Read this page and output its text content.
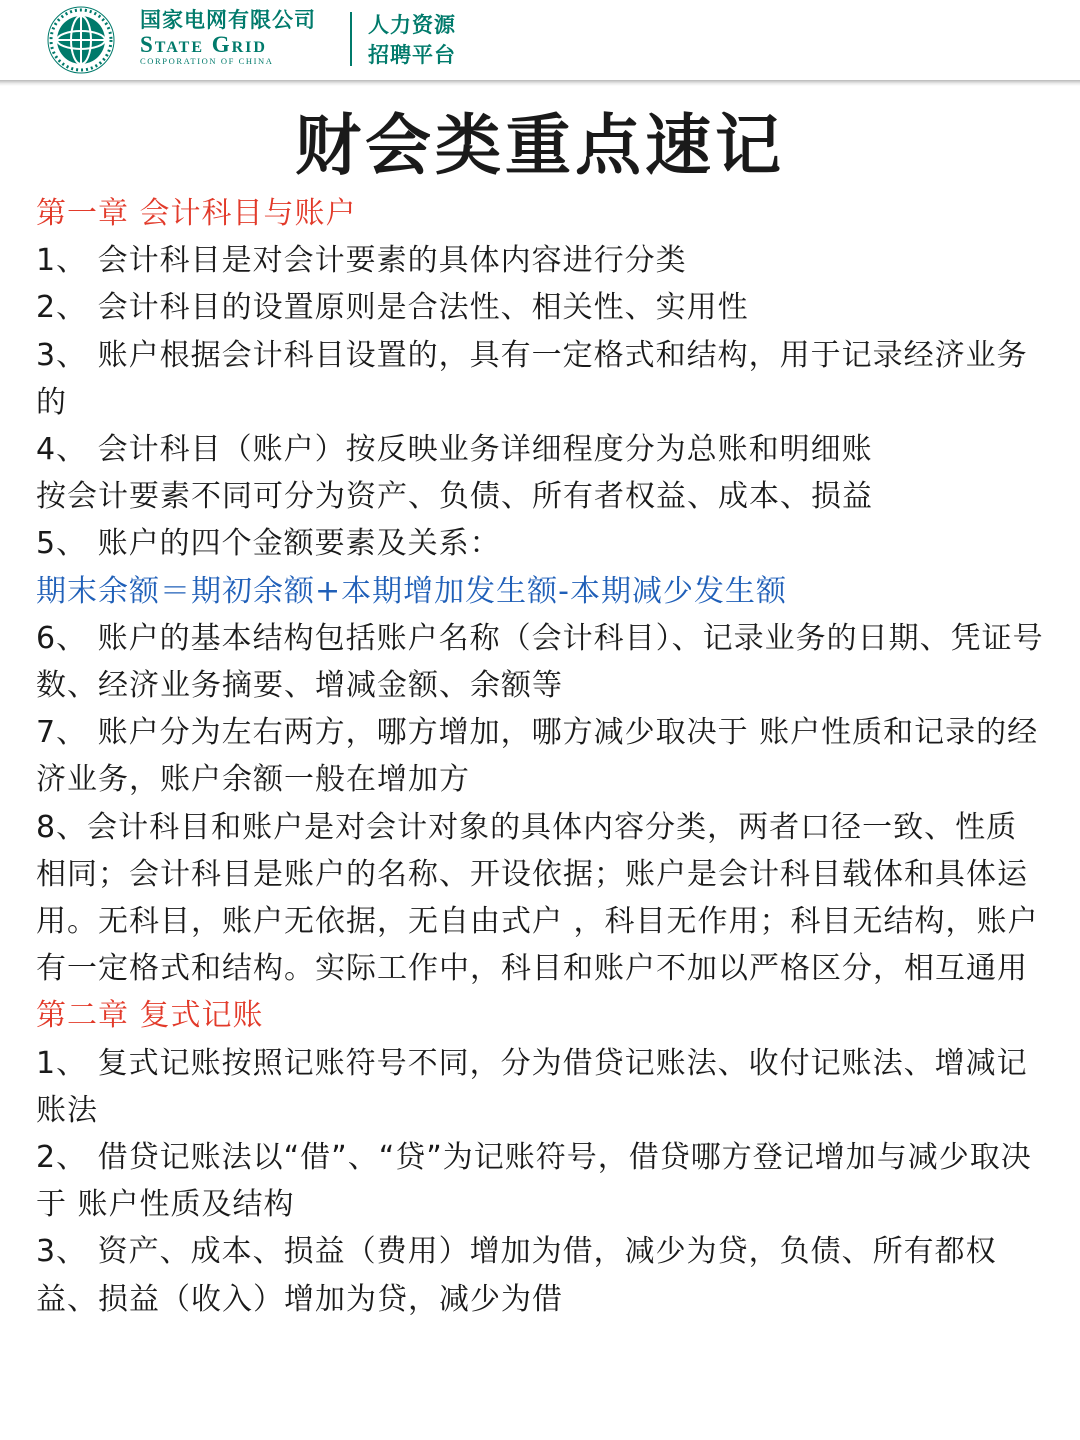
国家电网有限公司
State Grid
CORPORATION OF CHINA
人力资源
招聘平台
财会类重点速记

第一章 会计科目与账户

1、 会计科目是对会计要素的具体内容进行分类

2、 会计科目的设置原则是合法性、相关性、实用性

3、 账户根据会计科目设置的，具有一定格式和结构，用于记录经济业务的

4、 会计科目（账户）按反映业务详细程度分为总账和明细账

按会计要素不同可分为资产、负债、所有者权益、成本、损益

5、 账户的四个金额要素及关系：

期末余额＝期初余额+本期增加发生额-本期减少发生额

6、 账户的基本结构包括账户名称（会计科目）、记录业务的日期、凭证号数、经济业务摘要、增减金额、余额等

7、 账户分为左右两方，哪方增加，哪方减少取决于 账户性质和记录的经济业务，账户余额一般在增加方

8、会计科目和账户是对会计对象的具体内容分类，两者口径一致、性质相同；会计科目是账户的名称、开设依据；账户是会计科目载体和具体运用。无科目，账户无依据，无自由式户 ，科目无作用；科目无结构，账户有一定格式和结构。实际工作中，科目和账户不加以严格区分，相互通用

第二章 复式记账

1、 复式记账按照记账符号不同，分为借贷记账法、收付记账法、增减记账法

2、 借贷记账法以“借”、“贷”为记账符号，借贷哪方登记增加与减少取决于 账户性质及结构

3、 资产、成本、损益（费用）增加为借，减少为贷，负债、所有都权益、损益（收入）增加为贷，减少为借
